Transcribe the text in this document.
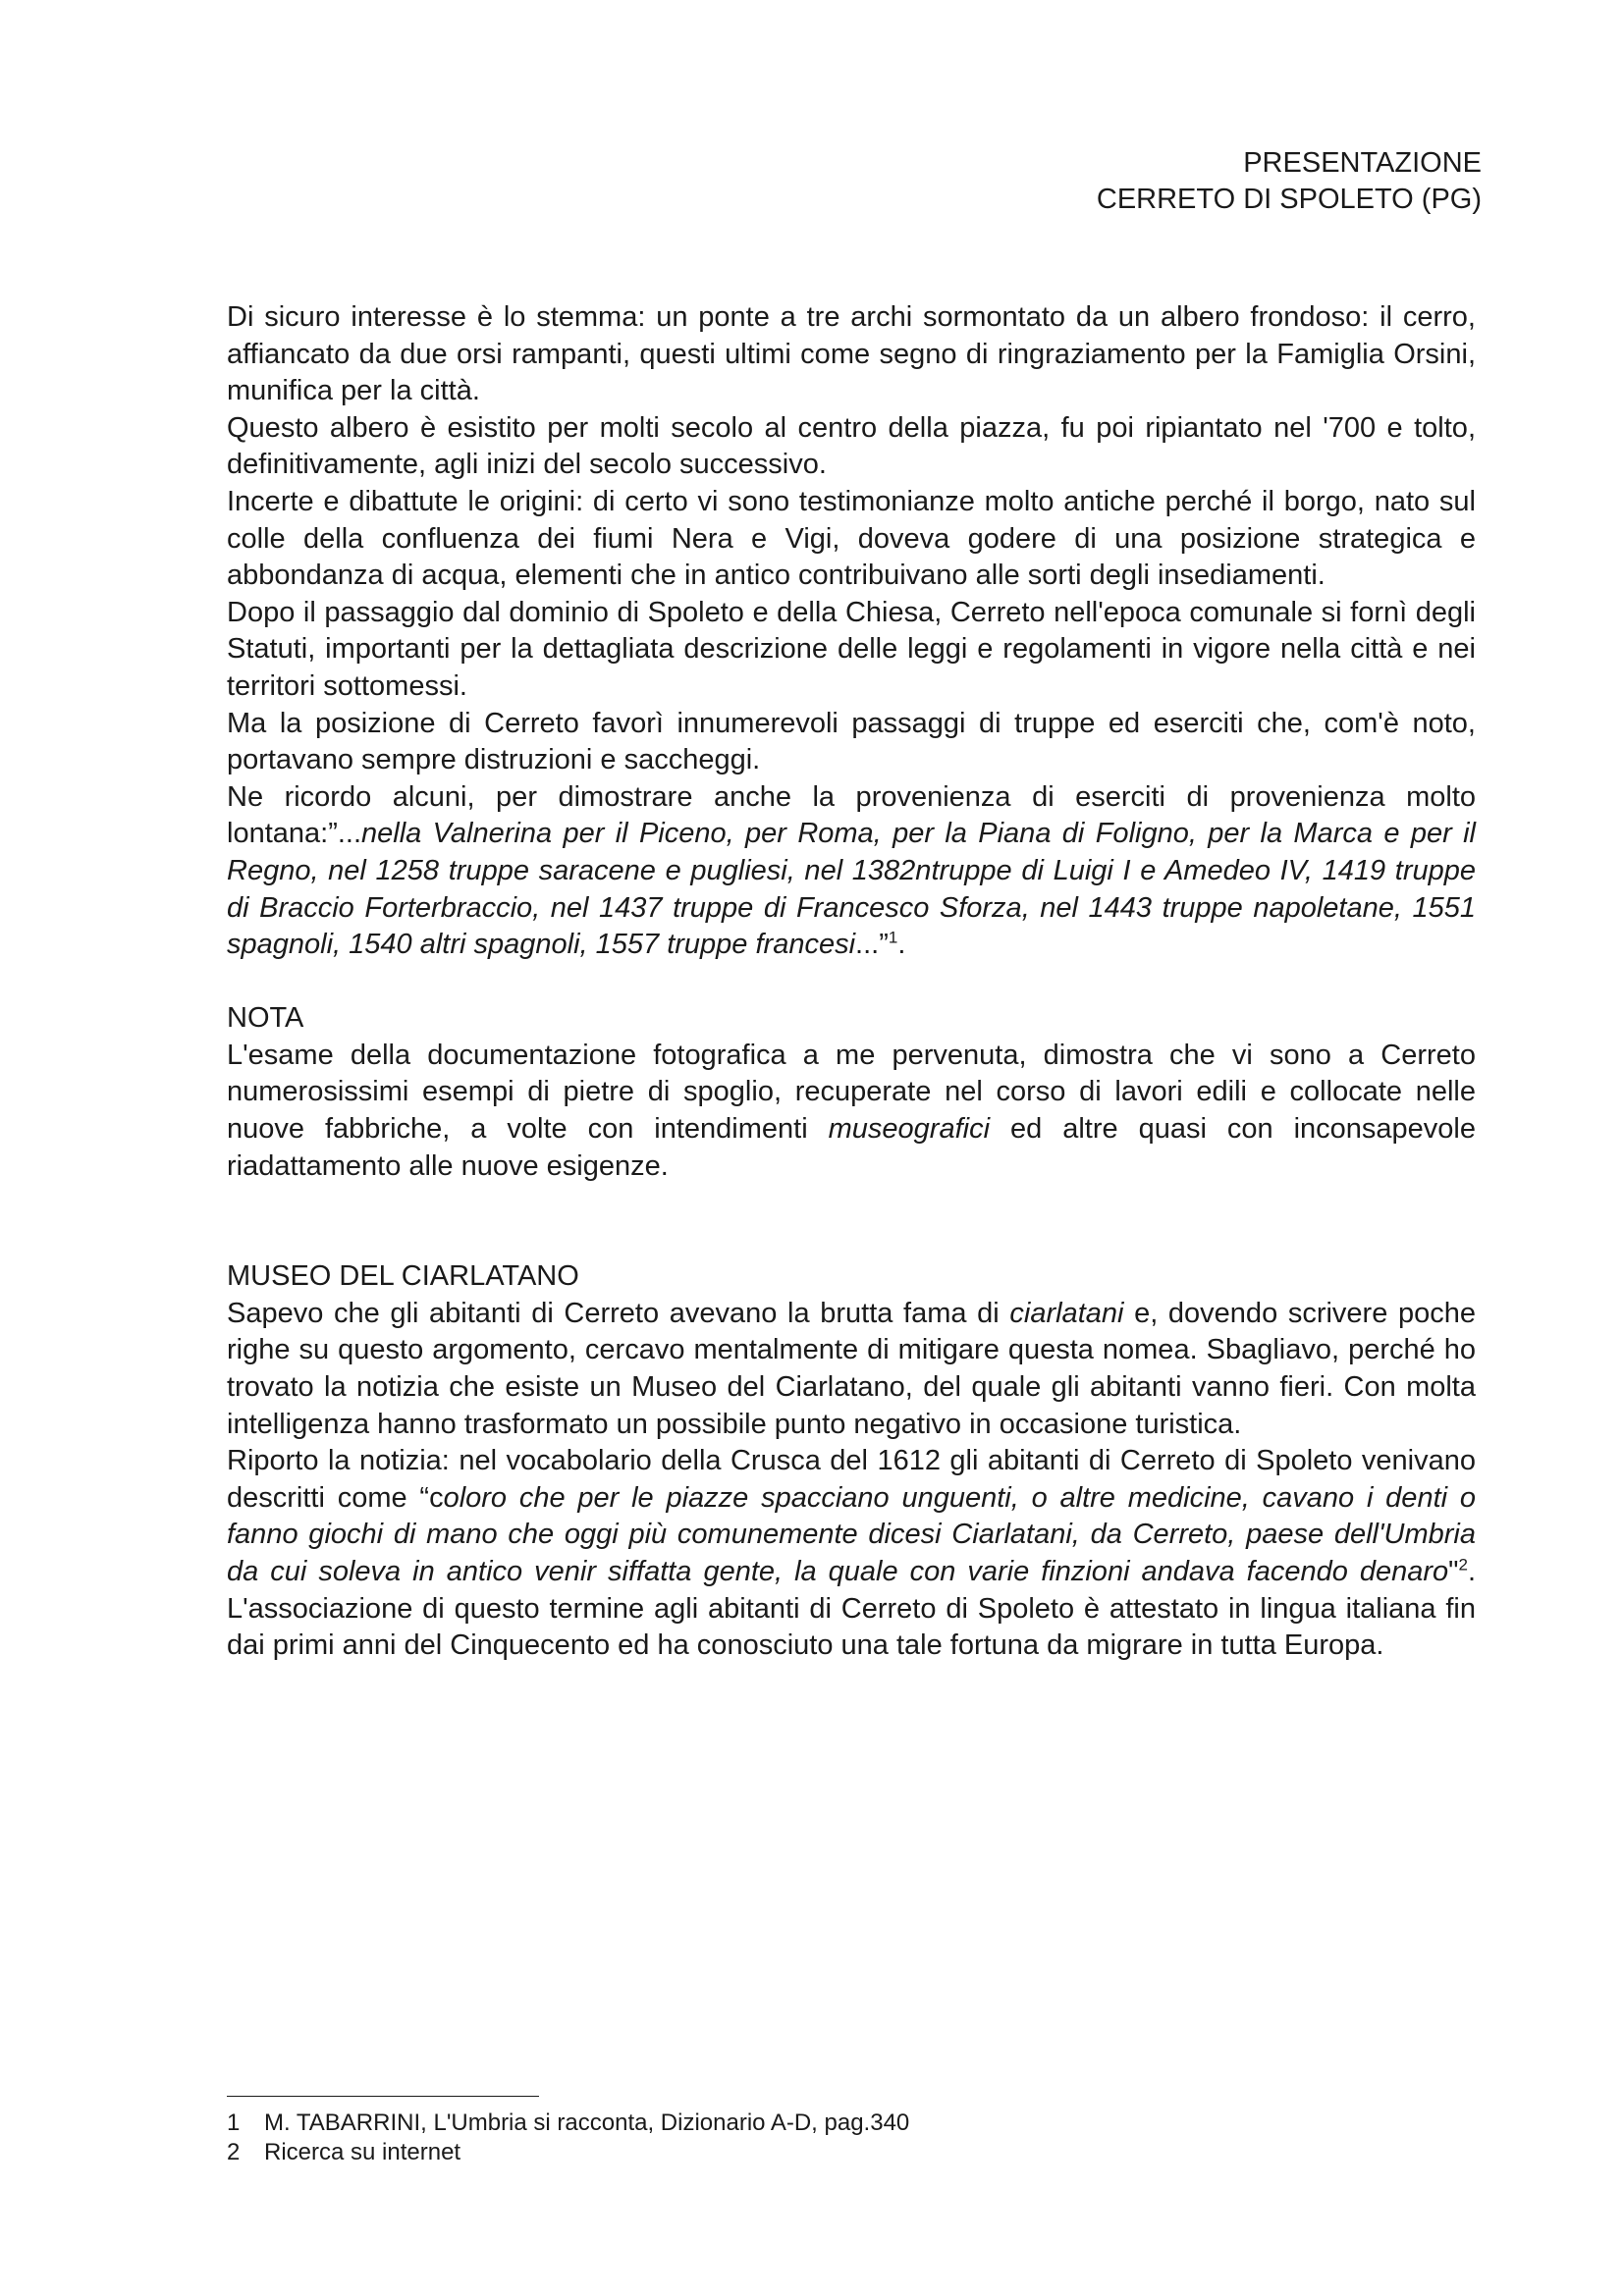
PRESENTAZIONE
CERRETO DI SPOLETO (PG)

Di sicuro interesse è lo stemma: un ponte a tre archi sormontato da un albero frondoso: il cerro, affiancato da due orsi rampanti, questi ultimi come segno di ringraziamento per la Famiglia Orsini, munifica per la città.

Questo albero è esistito per molti secolo al centro della piazza, fu poi ripiantato nel '700 e tolto, definitivamente, agli inizi del secolo successivo.

Incerte e dibattute le origini: di certo vi sono testimonianze molto antiche perché il borgo, nato sul colle della confluenza dei fiumi Nera e Vigi, doveva godere di una posizione strategica e abbondanza di acqua, elementi che in antico contribuivano alle sorti degli insediamenti.

Dopo il passaggio dal dominio di Spoleto e della Chiesa, Cerreto nell'epoca comunale si fornì degli Statuti, importanti per la dettagliata descrizione delle leggi e regolamenti in vigore nella città e nei territori sottomessi.

Ma la posizione di Cerreto favorì innumerevoli passaggi di truppe ed eserciti che, com'è noto, portavano sempre distruzioni e saccheggi.

Ne ricordo alcuni, per dimostrare anche la provenienza di eserciti di provenienza molto lontana:”...nella Valnerina per il Piceno, per Roma, per la Piana di Foligno, per la Marca e per il Regno, nel 1258 truppe saracene e pugliesi, nel 1382ntruppe di Luigi I e Amedeo IV, 1419 truppe di Braccio Forterbraccio, nel 1437 truppe di Francesco Sforza, nel 1443 truppe napoletane, 1551 spagnoli, 1540 altri spagnoli, 1557 truppe francesi...”$^1$.

NOTA

L'esame della documentazione fotografica a me pervenuta, dimostra che vi sono a Cerreto numerosissimi esempi di pietre di spoglio, recuperate nel corso di lavori edili e collocate nelle nuove fabbriche, a volte con intendimenti museografici ed altre quasi con inconsapevole riadattamento alle nuove esigenze.

MUSEO DEL CIARLATANO

Sapevo che gli abitanti di Cerreto avevano la brutta fama di ciarlatani e, dovendo scrivere poche righe su questo argomento, cercavo mentalmente di mitigare questa nomea. Sbagliavo, perché ho trovato la notizia che esiste un Museo del Ciarlatano, del quale gli abitanti vanno fieri. Con molta intelligenza hanno trasformato un possibile punto negativo in occasione turistica.

Riporto la notizia: nel vocabolario della Crusca del 1612 gli abitanti di Cerreto di Spoleto venivano descritti come “coloro che per le piazze spacciano unguenti, o altre medicine, cavano i denti o fanno giochi di mano che oggi più comunemente dicesi Ciarlatani, da Cerreto, paese dell'Umbria da cui soleva in antico venir siffatta gente, la quale con varie finzioni andava facendo denaro"$^2$. L'associazione di questo termine agli abitanti di Cerreto di Spoleto è attestato in lingua italiana fin dai primi anni del Cinquecento ed ha conosciuto una tale fortuna da migrare in tutta Europa.

1	M. TABARRINI, L'Umbria si racconta, Dizionario A-D, pag.340
2	Ricerca su internet
